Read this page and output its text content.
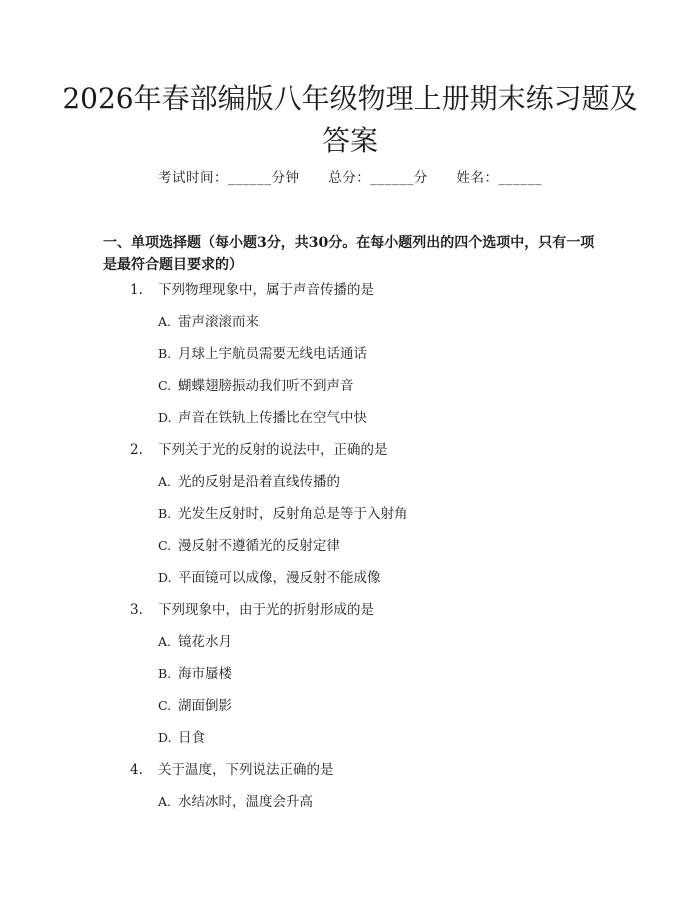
2026年春部编版八年级物理上册期末练习题及答案
考试时间：______分钟 总分：______分 姓名：______
一、单项选择题（每小题3分，共30分。在每小题列出的四个选项中，只有一项是最符合题目要求的）
1. 下列物理现象中，属于声音传播的是
A. 雷声滚滚而来
B. 月球上宇航员需要无线电话通话
C. 蝴蝶翅膀振动我们听不到声音
D. 声音在铁轨上传播比在空气中快
2. 下列关于光的反射的说法中，正确的是
A. 光的反射是沿着直线传播的
B. 光发生反射时，反射角总是等于入射角
C. 漫反射不遵循光的反射定律
D. 平面镜可以成像，漫反射不能成像
3. 下列现象中，由于光的折射形成的是
A. 镜花水月
B. 海市蜃楼
C. 湖面倒影
D. 日食
4. 关于温度，下列说法正确的是
A. 水结冰时，温度会升高
